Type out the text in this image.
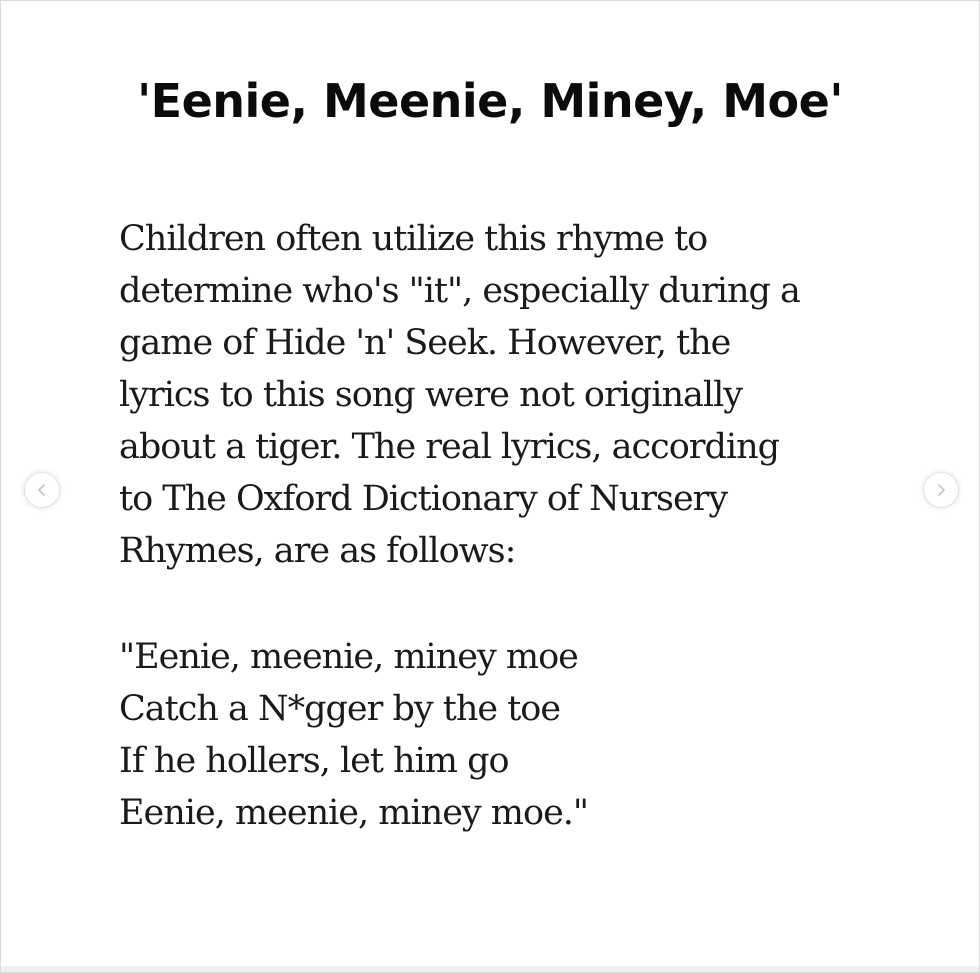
'Eenie, Meenie, Miney, Moe'
Children often utilize this rhyme to
determine who's "it", especially during a
game of Hide 'n' Seek. However, the
lyrics to this song were not originally
about a tiger. The real lyrics, according
to The Oxford Dictionary of Nursery
Rhymes, are as follows:
"Eenie, meenie, miney moe
Catch a N*gger by the toe
If he hollers, let him go
Eenie, meenie, miney moe."
